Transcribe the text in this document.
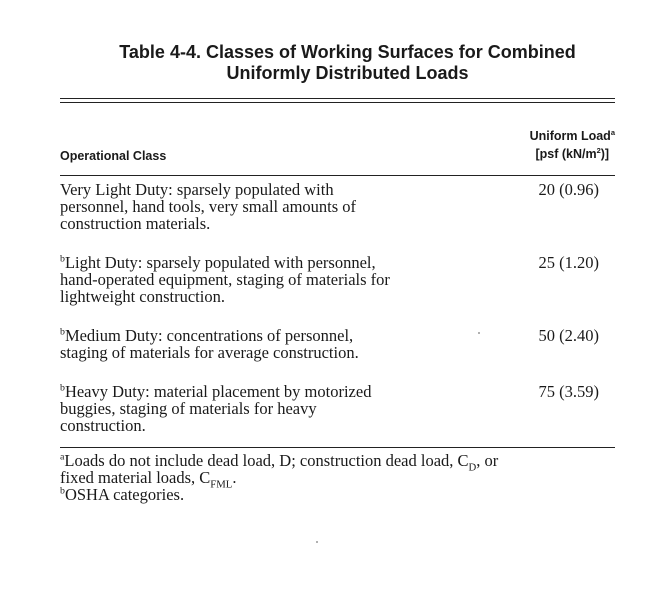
Table 4-4. Classes of Working Surfaces for Combined
Uniformly Distributed Loads
Operational Class
Uniform Load$^a$
[psf $(kN/m^2)$]

Very Light Duty: sparsely populated with
personnel, hand tools, very small amounts of
construction materials.

20 (0.96)

$^b$Light Duty: sparsely populated with personnel,
hand-operated equipment, staging of materials for
lightweight construction.

25 (1.20)

$^b$Medium Duty: concentrations of personnel,
staging of materials for average construction.

50 (2.40)

$^b$Heavy Duty: material placement by motorized
buggies, staging of materials for heavy
construction.

75 (3.59)
$^a$Loads do not include dead load, D; construction dead load, $C_D$, or
fixed material loads, $C_{FML}$.
$^b$OSHA categories.
